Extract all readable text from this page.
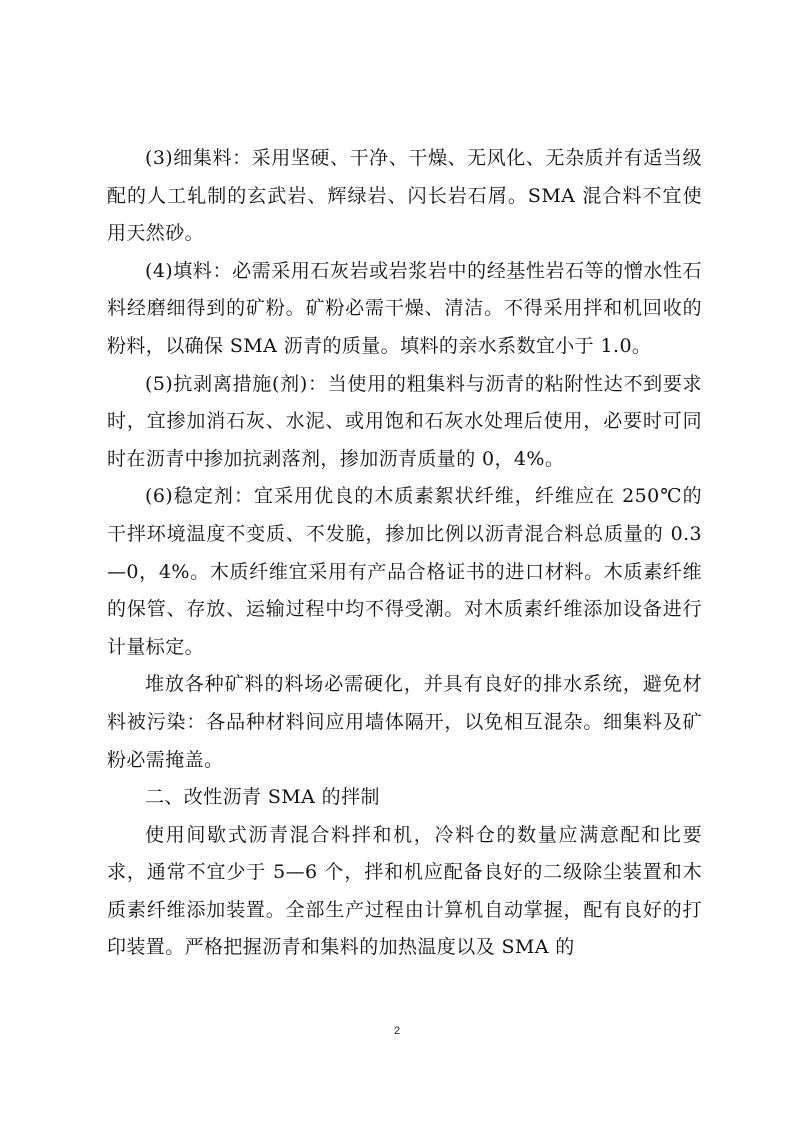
(3)细集料：采用坚硬、干净、干燥、无风化、无杂质并有适当级配的人工轧制的玄武岩、辉绿岩、闪长岩石屑。SMA 混合料不宜使用天然砂。

(4)填料：必需采用石灰岩或岩浆岩中的经基性岩石等的憎水性石料经磨细得到的矿粉。矿粉必需干燥、清洁。不得采用拌和机回收的粉料，以确保 SMA 沥青的质量。填料的亲水系数宜小于 1.0。

(5)抗剥离措施(剂)：当使用的粗集料与沥青的粘附性达不到要求时，宜掺加消石灰、水泥、或用饱和石灰水处理后使用，必要时可同时在沥青中掺加抗剥落剂，掺加沥青质量的 0，4%。

(6)稳定剂：宜采用优良的木质素絮状纤维，纤维应在 250℃的干拌环境温度不变质、不发脆，掺加比例以沥青混合料总质量的 0.3—0，4%。木质纤维宜采用有产品合格证书的进口材料。木质素纤维的保管、存放、运输过程中均不得受潮。对木质素纤维添加设备进行计量标定。

堆放各种矿料的料场必需硬化，并具有良好的排水系统，避免材料被污染：各品种材料间应用墙体隔开，以免相互混杂。细集料及矿粉必需掩盖。

二、改性沥青 SMA 的拌制

使用间歇式沥青混合料拌和机，冷料仓的数量应满意配和比要求，通常不宜少于 5—6 个，拌和机应配备良好的二级除尘装置和木质素纤维添加装置。全部生产过程由计算机自动掌握，配有良好的打印装置。严格把握沥青和集料的加热温度以及 SMA 的

2
